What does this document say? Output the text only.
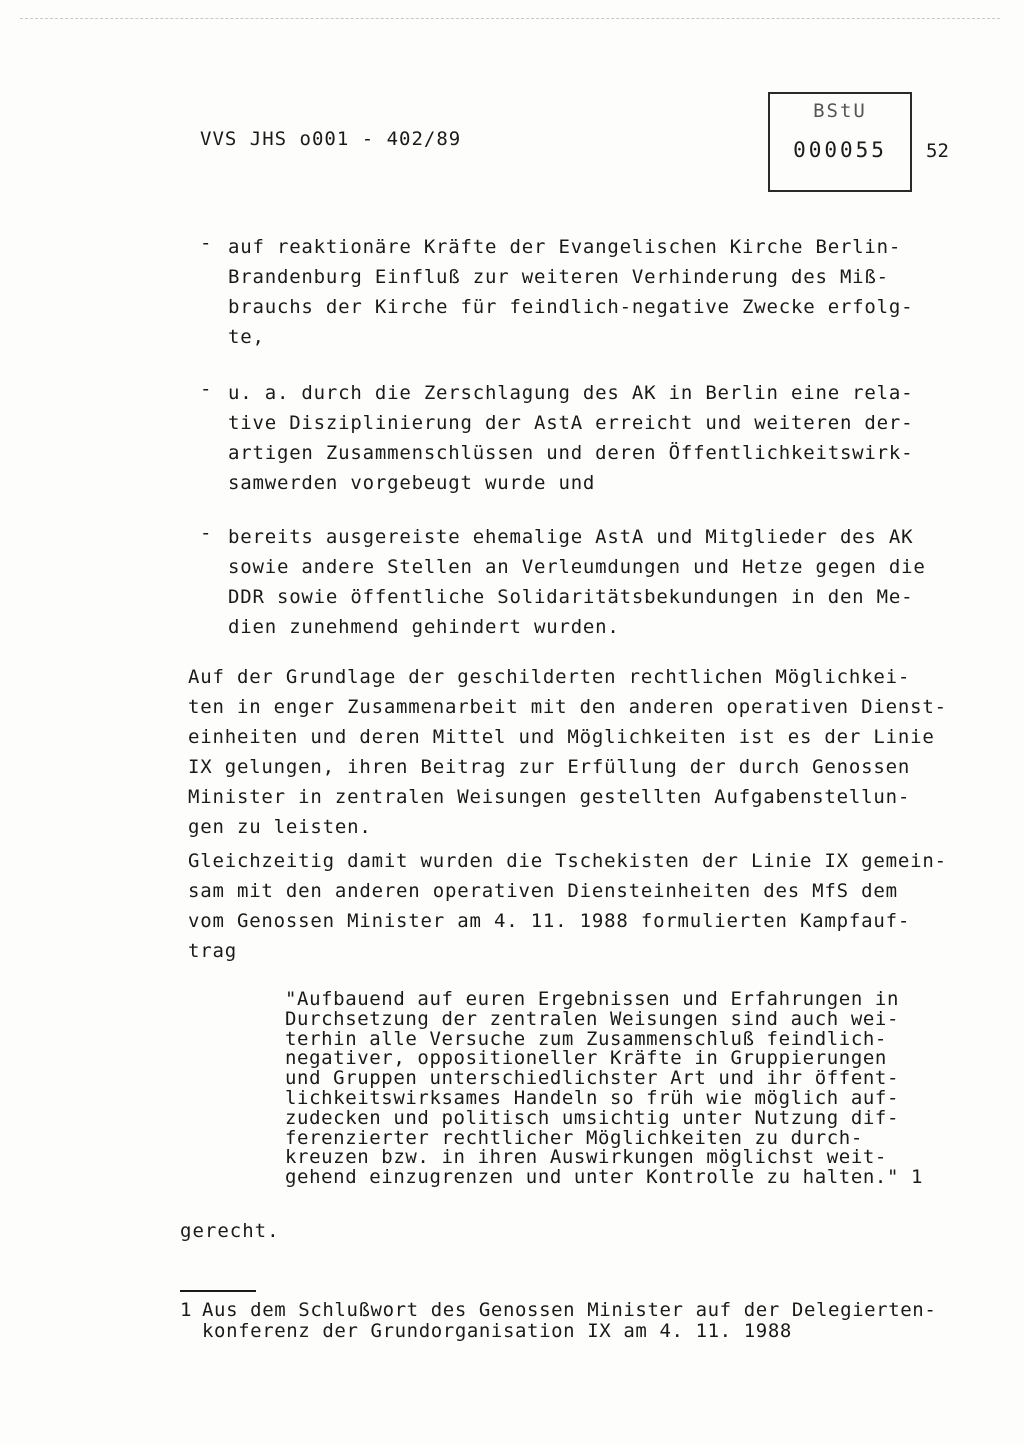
VVS JHS o001 - 402/89
BStU
000055	52
- auf reaktionäre Kräfte der Evangelischen Kirche Berlin-
Brandenburg Einfluß zur weiteren Verhinderung des Miß-
brauchs der Kirche für feindlich-negative Zwecke erfolg-
te,

- u. a. durch die Zerschlagung des AK in Berlin eine rela-
tive Disziplinierung der AstA erreicht und weiteren der-
artigen Zusammenschlüssen und deren Öffentlichkeitswirk-
samwerden vorgebeugt wurde und

- bereits ausgereiste ehemalige AstA und Mitglieder des AK
sowie andere Stellen an Verleumdungen und Hetze gegen die
DDR sowie öffentliche Solidaritätsbekundungen in den Me-
dien zunehmend gehindert wurden.

Auf der Grundlage der geschilderten rechtlichen Möglichkei-
ten in enger Zusammenarbeit mit den anderen operativen Dienst-
einheiten und deren Mittel und Möglichkeiten ist es der Linie
IX gelungen, ihren Beitrag zur Erfüllung der durch Genossen
Minister in zentralen Weisungen gestellten Aufgabenstellun-
gen zu leisten.

Gleichzeitig damit wurden die Tschekisten der Linie IX gemein-
sam mit den anderen operativen Diensteinheiten des MfS dem
vom Genossen Minister am 4. 11. 1988 formulierten Kampfauf-
trag

"Aufbauend auf euren Ergebnissen und Erfahrungen in
Durchsetzung der zentralen Weisungen sind auch wei-
terhin alle Versuche zum Zusammenschluß feindlich-
negativer, oppositioneller Kräfte in Gruppierungen
und Gruppen unterschiedlichster Art und ihr öffent-
lichkeitswirksames Handeln so früh wie möglich auf-
zudecken und politisch umsichtig unter Nutzung dif-
ferenzierter rechtlicher Möglichkeiten zu durch-
kreuzen bzw. in ihren Auswirkungen möglichst weit-
gehend einzugrenzen und unter Kontrolle zu halten." 1

gerecht.
1 Aus dem Schlußwort des Genossen Minister auf der Delegierten-
konferenz der Grundorganisation IX am 4. 11. 1988
